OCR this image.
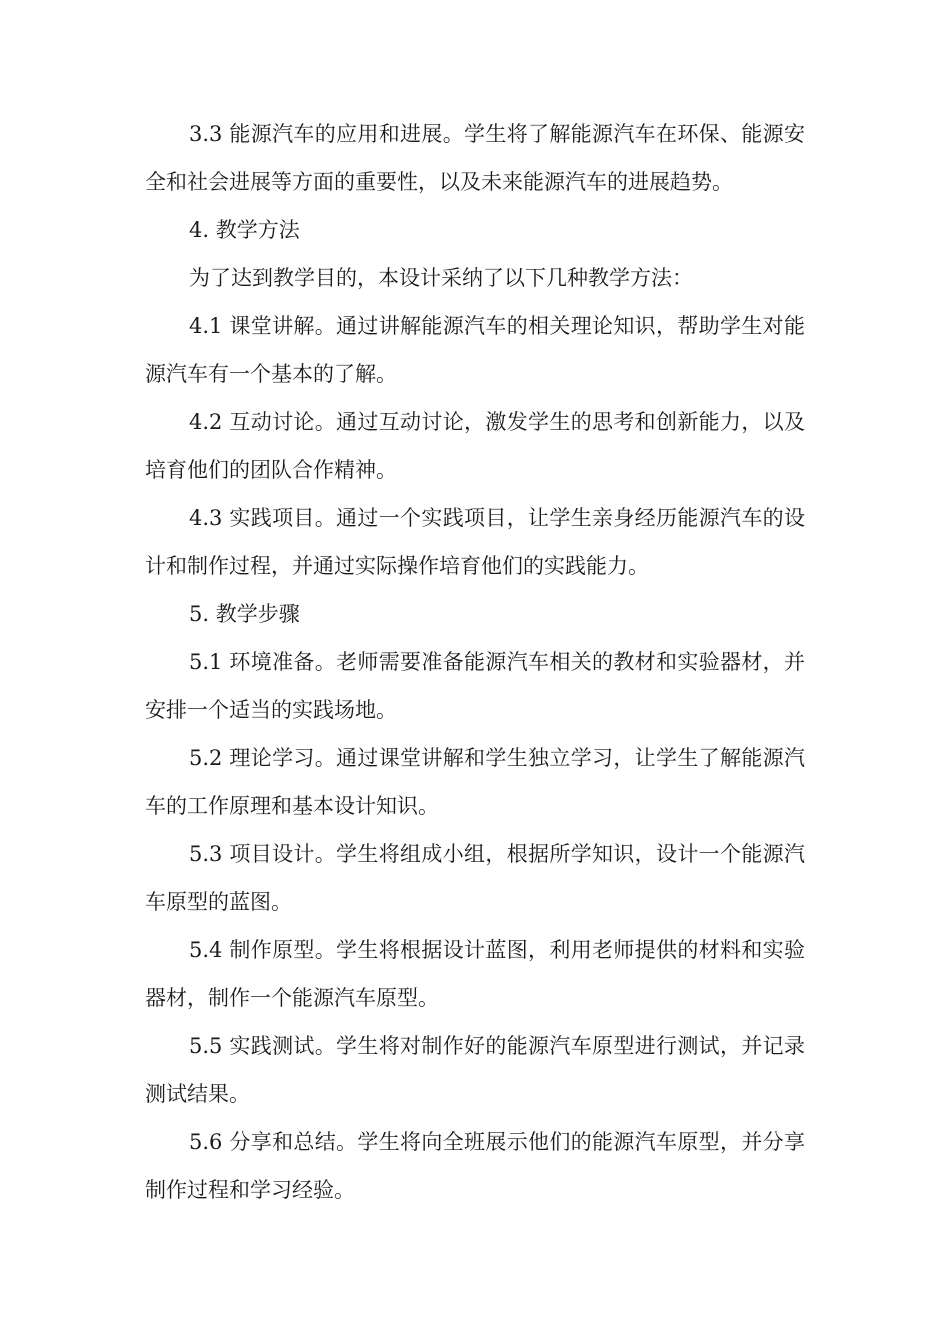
3.3 能源汽车的应用和进展。学生将了解能源汽车在环保、能源安全和社会进展等方面的重要性，以及未来能源汽车的进展趋势。

4. 教学方法

为了达到教学目的，本设计采纳了以下几种教学方法：

4.1 课堂讲解。通过讲解能源汽车的相关理论知识，帮助学生对能源汽车有一个基本的了解。

4.2 互动讨论。通过互动讨论，激发学生的思考和创新能力，以及培育他们的团队合作精神。

4.3 实践项目。通过一个实践项目，让学生亲身经历能源汽车的设计和制作过程，并通过实际操作培育他们的实践能力。

5. 教学步骤

5.1 环境准备。老师需要准备能源汽车相关的教材和实验器材，并安排一个适当的实践场地。

5.2 理论学习。通过课堂讲解和学生独立学习，让学生了解能源汽车的工作原理和基本设计知识。

5.3 项目设计。学生将组成小组，根据所学知识，设计一个能源汽车原型的蓝图。

5.4 制作原型。学生将根据设计蓝图，利用老师提供的材料和实验器材，制作一个能源汽车原型。

5.5 实践测试。学生将对制作好的能源汽车原型进行测试，并记录测试结果。

5.6 分享和总结。学生将向全班展示他们的能源汽车原型，并分享制作过程和学习经验。
